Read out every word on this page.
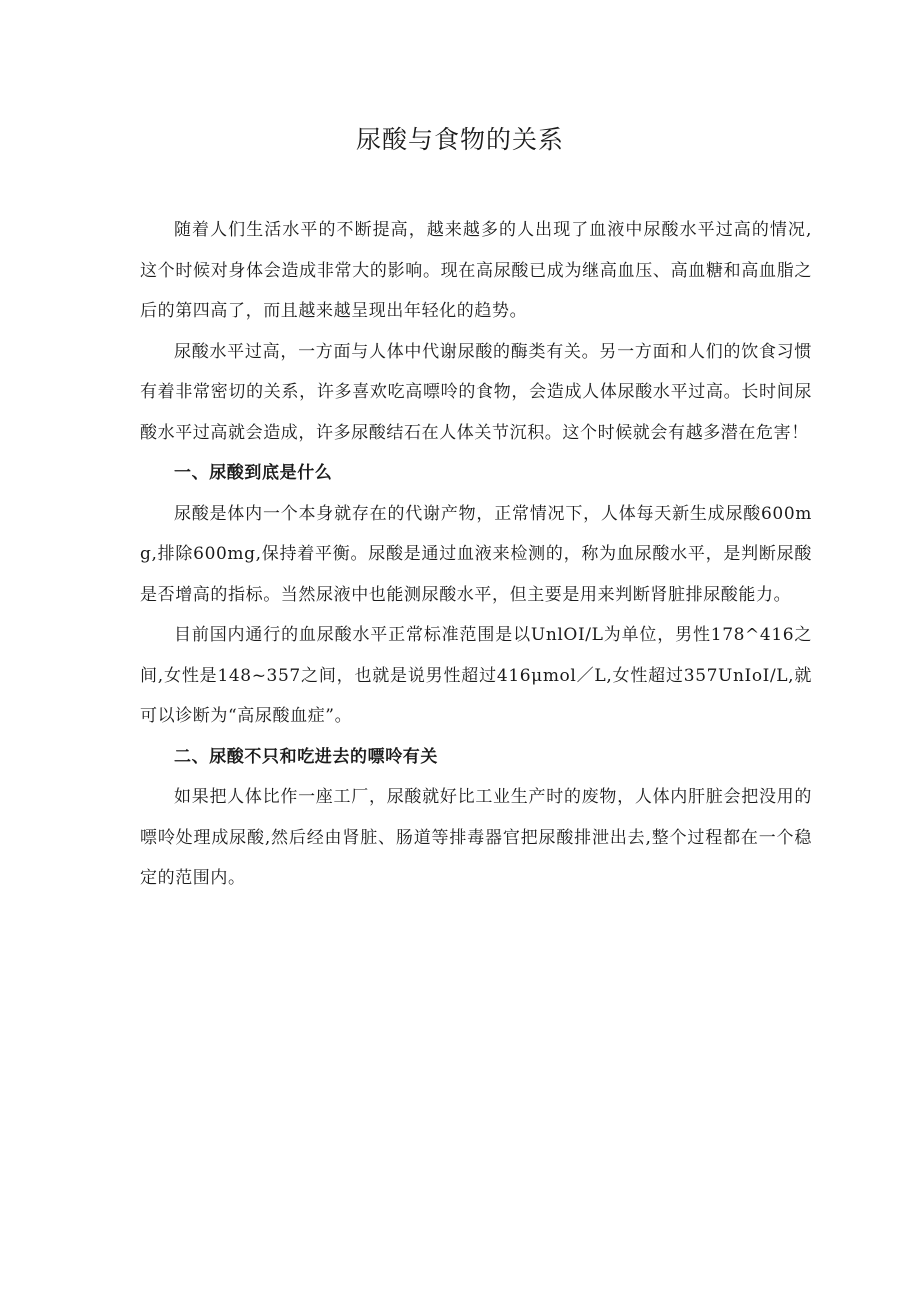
尿酸与食物的关系

随着人们生活水平的不断提高，越来越多的人出现了血液中尿酸水平过高的情况,这个时候对身体会造成非常大的影响。现在高尿酸已成为继高血压、高血糖和高血脂之后的第四高了，而且越来越呈现出年轻化的趋势。

尿酸水平过高，一方面与人体中代谢尿酸的酶类有关。另一方面和人们的饮食习惯有着非常密切的关系，许多喜欢吃高嘌呤的食物，会造成人体尿酸水平过高。长时间尿酸水平过高就会造成，许多尿酸结石在人体关节沉积。这个时候就会有越多潜在危害！

一、尿酸到底是什么

尿酸是体内一个本身就存在的代谢产物，正常情况下，人体每天新生成尿酸600mg,排除600mg,保持着平衡。尿酸是通过血液来检测的，称为血尿酸水平，是判断尿酸是否增高的指标。当然尿液中也能测尿酸水平，但主要是用来判断肾脏排尿酸能力。

目前国内通行的血尿酸水平正常标准范围是以UnlOI/L为单位，男性178^416之间,女性是148~357之间，也就是说男性超过416μmol／L,女性超过357UnIoI/L,就可以诊断为“高尿酸血症”。

二、尿酸不只和吃进去的嘌呤有关

如果把人体比作一座工厂，尿酸就好比工业生产时的废物，人体内肝脏会把没用的嘌呤处理成尿酸,然后经由肾脏、肠道等排毒器官把尿酸排泄出去,整个过程都在一个稳定的范围内。
